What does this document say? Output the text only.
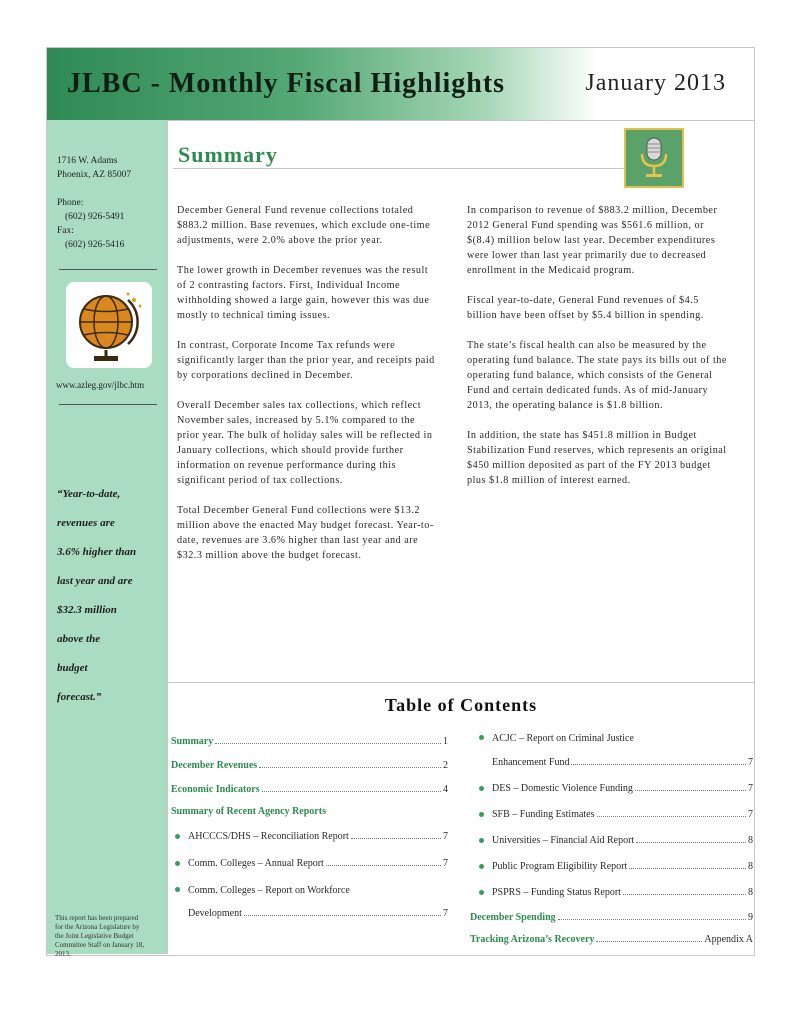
JLBC - Monthly Fiscal Highlights	January 2013
1716 W. Adams
Phoenix, AZ 85007
Phone:
(602) 926-5491
Fax:
(602) 926-5416
www.azleg.gov/jlbc.htm
“Year-to-date,
revenues are
3.6% higher than
last year and are
$32.3 million
above the
budget
forecast.”
This report has been prepared for the Arizona Legislature by the Joint Legislative Budget Committee Staff on January 18, 2013.
Summary

December General Fund revenue collections totaled $883.2 million. Base revenues, which exclude one-time adjustments, were 2.0% above the prior year.

The lower growth in December revenues was the result of 2 contrasting factors. First, Individual Income withholding showed a large gain, however this was due mostly to technical timing issues.

In contrast, Corporate Income Tax refunds were significantly larger than the prior year, and receipts paid by corporations declined in December.

Overall December sales tax collections, which reflect November sales, increased by 5.1% compared to the prior year. The bulk of holiday sales will be reflected in January collections, which should provide further information on revenue performance during this significant period of tax collections.

Total December General Fund collections were $13.2 million above the enacted May budget forecast. Year-to-date, revenues are 3.6% higher than last year and are $32.3 million above the budget forecast.

In comparison to revenue of $883.2 million, December 2012 General Fund spending was $561.6 million, or $(8.4) million below last year. December expenditures were lower than last year primarily due to decreased enrollment in the Medicaid program.

Fiscal year-to-date, General Fund revenues of $4.5 billion have been offset by $5.4 billion in spending.

The state’s fiscal health can also be measured by the operating fund balance. The state pays its bills out of the operating fund balance, which consists of the General Fund and certain dedicated funds. As of mid-January 2013, the operating balance is $1.8 billion.

In addition, the state has $451.8 million in Budget Stabilization Fund reserves, which represents an original $450 million deposited as part of the FY 2013 budget plus $1.8 million of interest earned.

Table of Contents
Summary	1
December Revenues	2
Economic Indicators	4
Summary of Recent Agency Reports
AHCCCS/DHS – Reconciliation Report	7
Comm. Colleges – Annual Report	7
Comm. Colleges – Report on Workforce
Development	7
ACJC – Report on Criminal Justice
Enhancement Fund	7
DES – Domestic Violence Funding	7
SFB – Funding Estimates	7
Universities – Financial Aid Report	8
Public Program Eligibility Report	8
PSPRS – Funding Status Report	8
December Spending	9
Tracking Arizona’s Recovery	Appendix A
